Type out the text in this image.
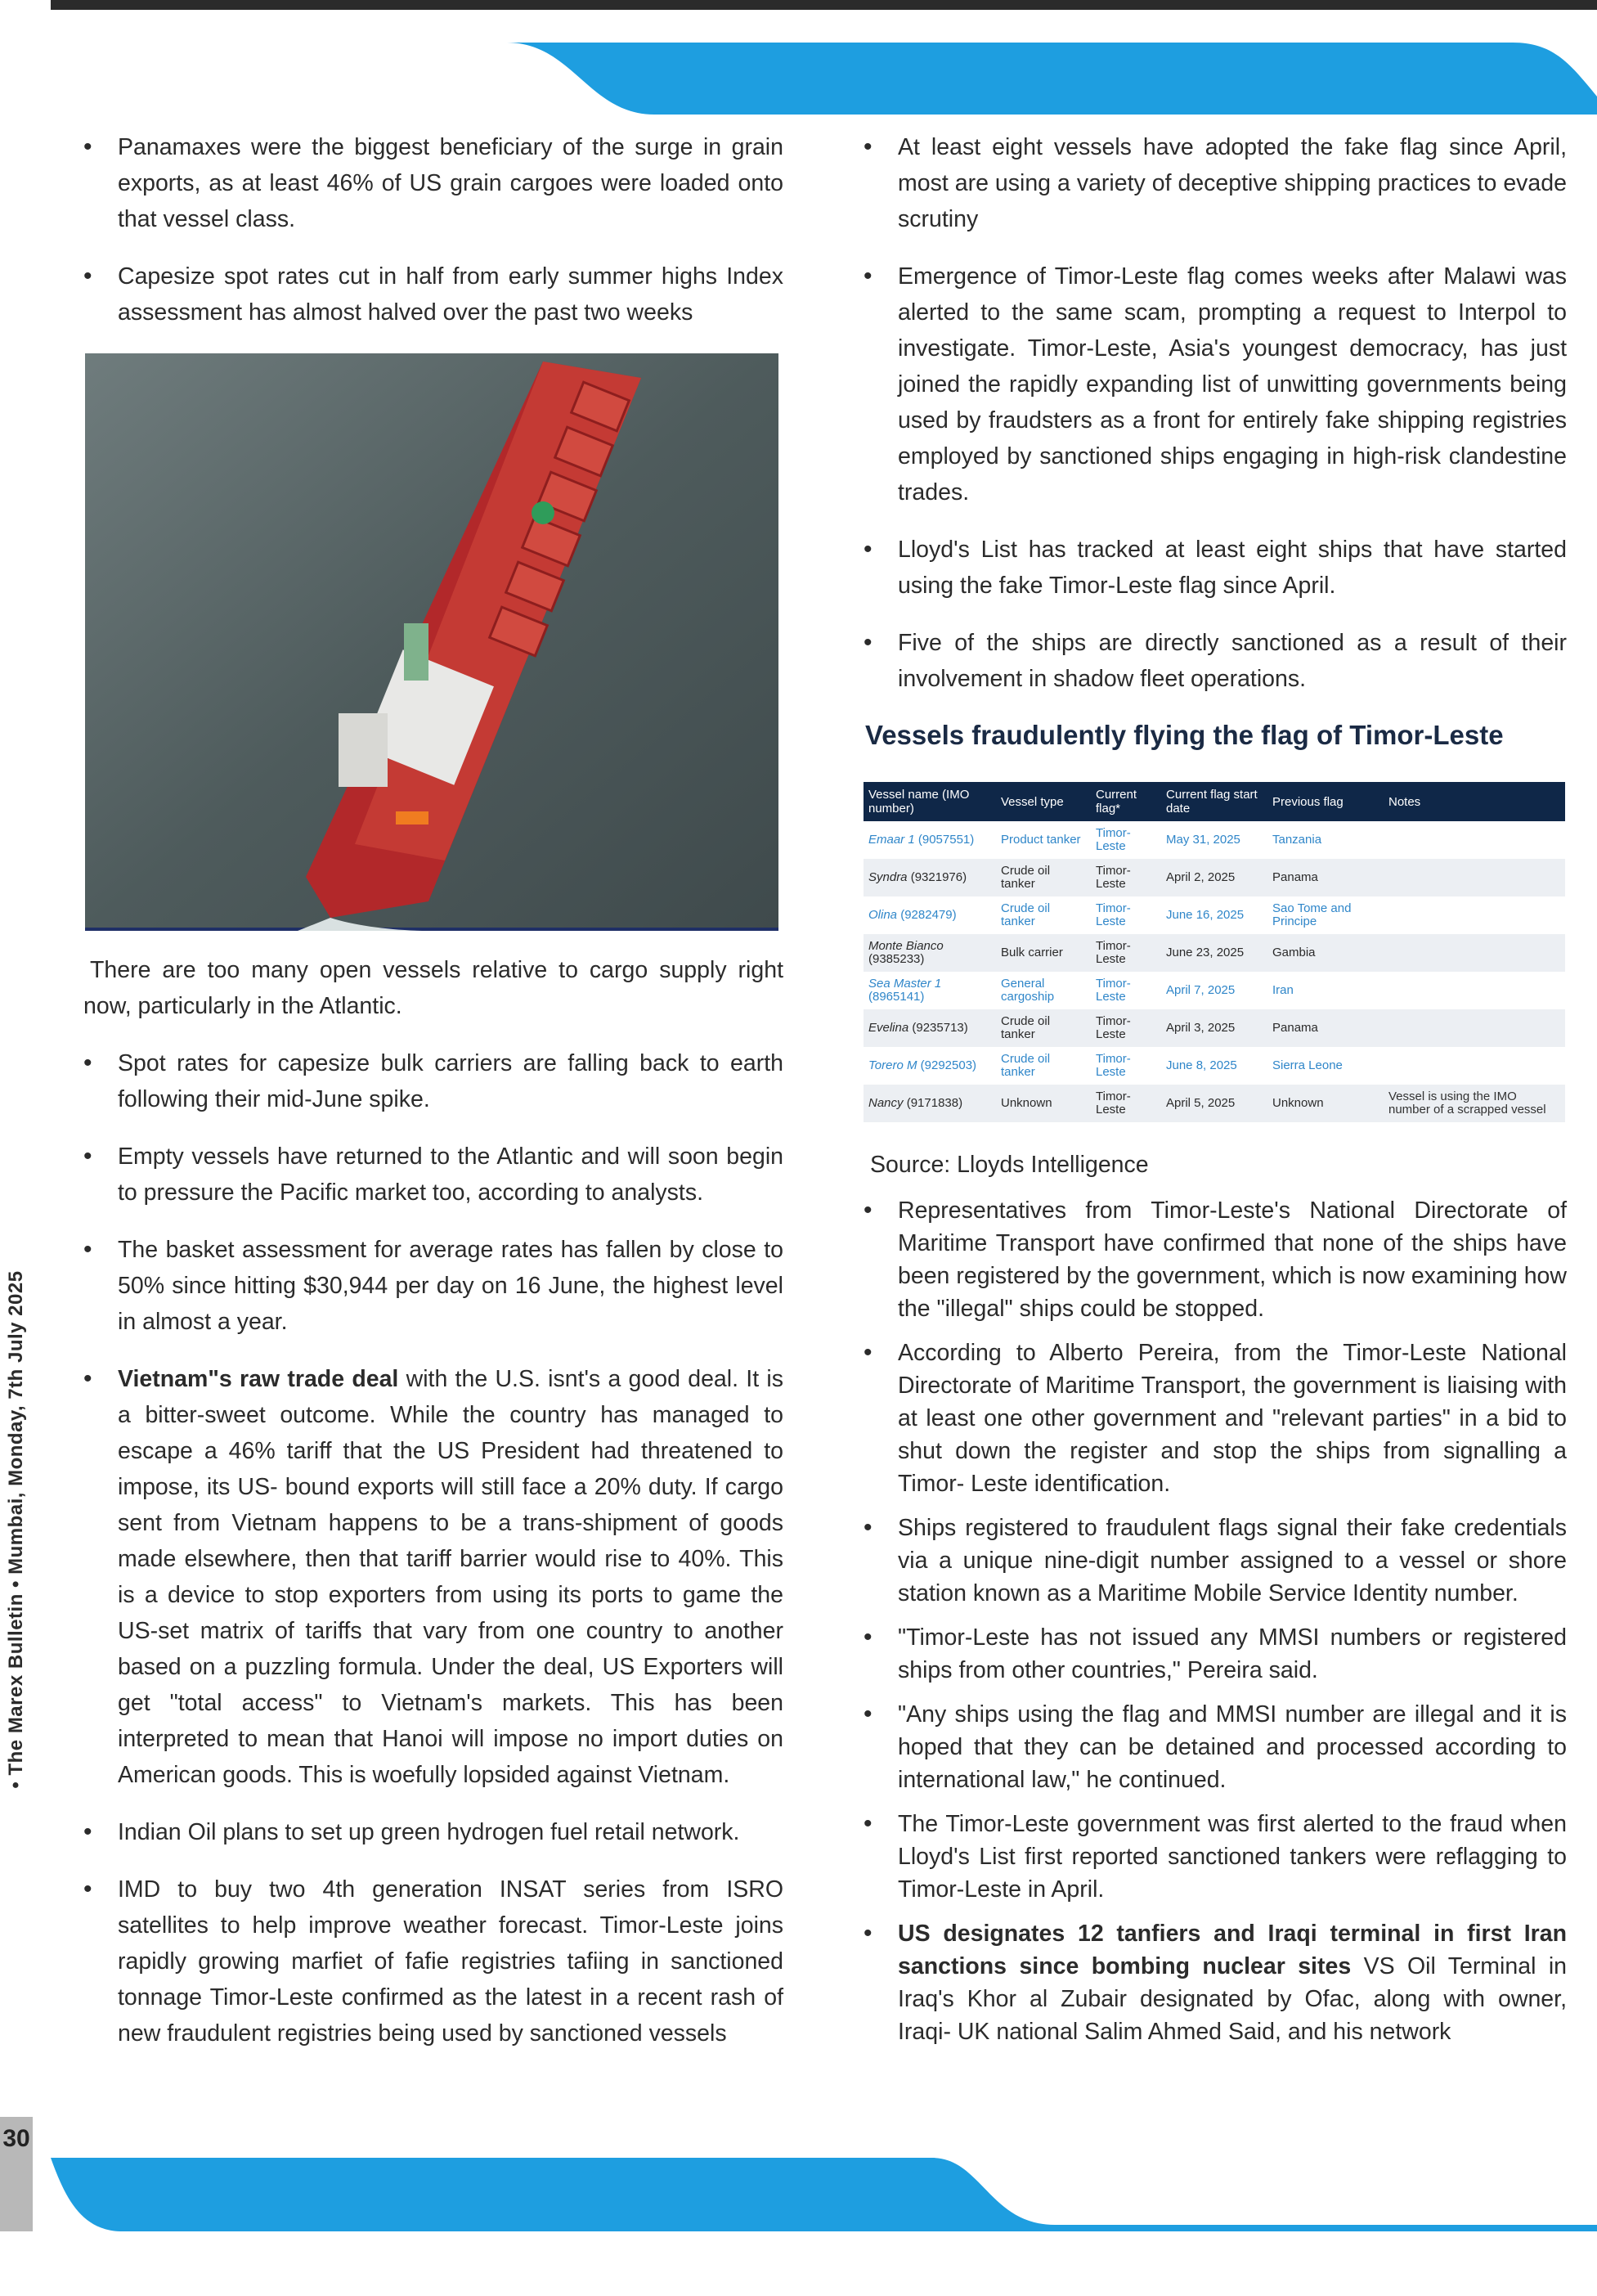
• The Marex Bulletin • Mumbai, Monday, 7th July 2025
30

• Panamaxes were the biggest beneficiary of the surge in grain exports, as at least 46% of US grain cargoes were loaded onto that vessel class.

• Capesize spot rates cut in half from early summer highs Index assessment has almost halved over the past two weeks

There are too many open vessels relative to cargo supply right now, particularly in the Atlantic.

• Spot rates for capesize bulk carriers are falling back to earth following their mid-June spike.

• Empty vessels have returned to the Atlantic and will soon begin to pressure the Pacific market too, according to analysts.

• The basket assessment for average rates has fallen by close to 50% since hitting $30,944 per day on 16 June, the highest level in almost a year.

• Vietnam"s raw trade deal with the U.S. isnt's a good deal. It is a bitter-sweet outcome. While the country has managed to escape a 46% tariff that the US President had threatened to impose, its US- bound exports will still face a 20% duty. If cargo sent from Vietnam happens to be a trans-shipment of goods made elsewhere, then that tariff barrier would rise to 40%. This is a device to stop exporters from using its ports to game the US-set matrix of tariffs that vary from one country to another based on a puzzling formula. Under the deal, US Exporters will get "total access" to Vietnam's markets. This has been interpreted to mean that Hanoi will impose no import duties on American goods. This is woefully lopsided against Vietnam.

• Indian Oil plans to set up green hydrogen fuel retail network.

• IMD to buy two 4th generation INSAT series from ISRO satellites to help improve weather forecast. Timor-Leste joins rapidly growing marfiet of fafie registries tafiing in sanctioned tonnage Timor-Leste confirmed as the latest in a recent rash of new fraudulent registries being used by sanctioned vessels

• At least eight vessels have adopted the fake flag since April, most are using a variety of deceptive shipping practices to evade scrutiny

• Emergence of Timor-Leste flag comes weeks after Malawi was alerted to the same scam, prompting a request to Interpol to investigate. Timor-Leste, Asia's youngest democracy, has just joined the rapidly expanding list of unwitting governments being used by fraudsters as a front for entirely fake shipping registries employed by sanctioned ships engaging in high-risk clandestine trades.

• Lloyd's List has tracked at least eight ships that have started using the fake Timor-Leste flag since April.

• Five of the ships are directly sanctioned as a result of their involvement in shadow fleet operations.

Vessels fraudulently flying the flag of Timor-Leste
Vessel name (IMO number)	Vessel type	Current flag*	Current flag start date	Previous flag	Notes
Emaar 1 (9057551)	Product tanker	Timor-Leste	May 31, 2025	Tanzania	
Syndra (9321976)	Crude oil tanker	Timor-Leste	April 2, 2025	Panama	
Olina (9282479)	Crude oil tanker	Timor-Leste	June 16, 2025	Sao Tome and Principe	
Monte Bianco (9385233)	Bulk carrier	Timor-Leste	June 23, 2025	Gambia	
Sea Master 1 (8965141)	General cargoship	Timor-Leste	April 7, 2025	Iran	
Evelina (9235713)	Crude oil tanker	Timor-Leste	April 3, 2025	Panama	
Torero M (9292503)	Crude oil tanker	Timor-Leste	June 8, 2025	Sierra Leone	
Nancy (9171838)	Unknown	Timor-Leste	April 5, 2025	Unknown	Vessel is using the IMO number of a scrapped vessel
Source: Lloyds Intelligence

• Representatives from Timor-Leste's National Directorate of Maritime Transport have confirmed that none of the ships have been registered by the government, which is now examining how the "illegal" ships could be stopped.

• According to Alberto Pereira, from the Timor-Leste National Directorate of Maritime Transport, the government is liaising with at least one other government and "relevant parties" in a bid to shut down the register and stop the ships from signalling a Timor- Leste identification.

• Ships registered to fraudulent flags signal their fake credentials via a unique nine-digit number assigned to a vessel or shore station known as a Maritime Mobile Service Identity number.

• "Timor-Leste has not issued any MMSI numbers or registered ships from other countries," Pereira said.

• "Any ships using the flag and MMSI number are illegal and it is hoped that they can be detained and processed according to international law," he continued.

• The Timor-Leste government was first alerted to the fraud when Lloyd's List first reported sanctioned tankers were reflagging to Timor-Leste in April.

• US designates 12 tanfiers and Iraqi terminal in first Iran sanctions since bombing nuclear sites VS Oil Terminal in Iraq's Khor al Zubair designated by Ofac, along with owner, Iraqi- UK national Salim Ahmed Said, and his network
